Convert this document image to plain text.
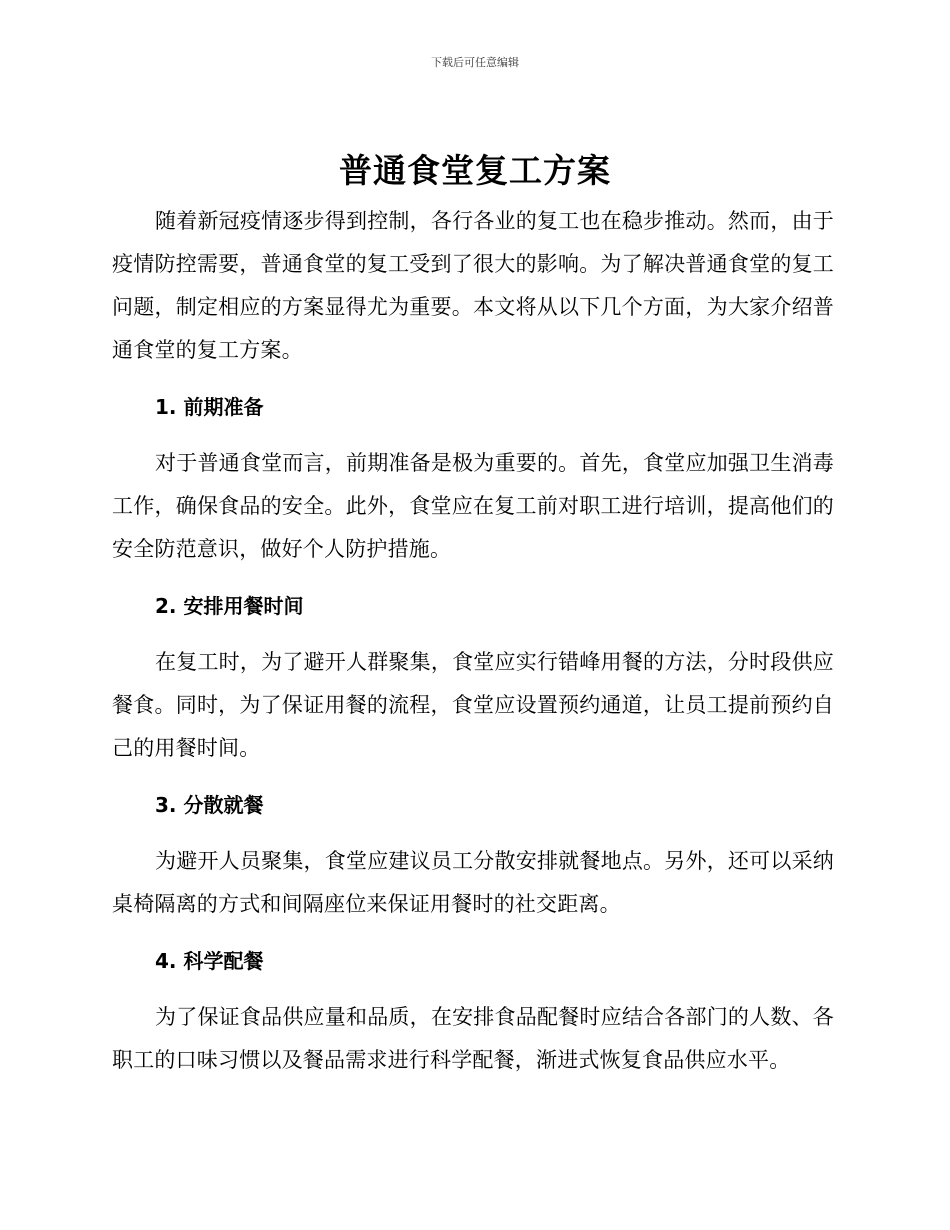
下载后可任意编辑
普通食堂复工方案

随着新冠疫情逐步得到控制，各行各业的复工也在稳步推动。然而，由于疫情防控需要，普通食堂的复工受到了很大的影响。为了解决普通食堂的复工问题，制定相应的方案显得尤为重要。本文将从以下几个方面，为大家介绍普通食堂的复工方案。

1. 前期准备

对于普通食堂而言，前期准备是极为重要的。首先，食堂应加强卫生消毒工作，确保食品的安全。此外，食堂应在复工前对职工进行培训，提高他们的安全防范意识，做好个人防护措施。

2. 安排用餐时间

在复工时，为了避开人群聚集，食堂应实行错峰用餐的方法，分时段供应餐食。同时，为了保证用餐的流程，食堂应设置预约通道，让员工提前预约自己的用餐时间。

3. 分散就餐

为避开人员聚集，食堂应建议员工分散安排就餐地点。另外，还可以采纳桌椅隔离的方式和间隔座位来保证用餐时的社交距离。

4. 科学配餐

为了保证食品供应量和品质，在安排食品配餐时应结合各部门的人数、各职工的口味习惯以及餐品需求进行科学配餐，渐进式恢复食品供应水平。
